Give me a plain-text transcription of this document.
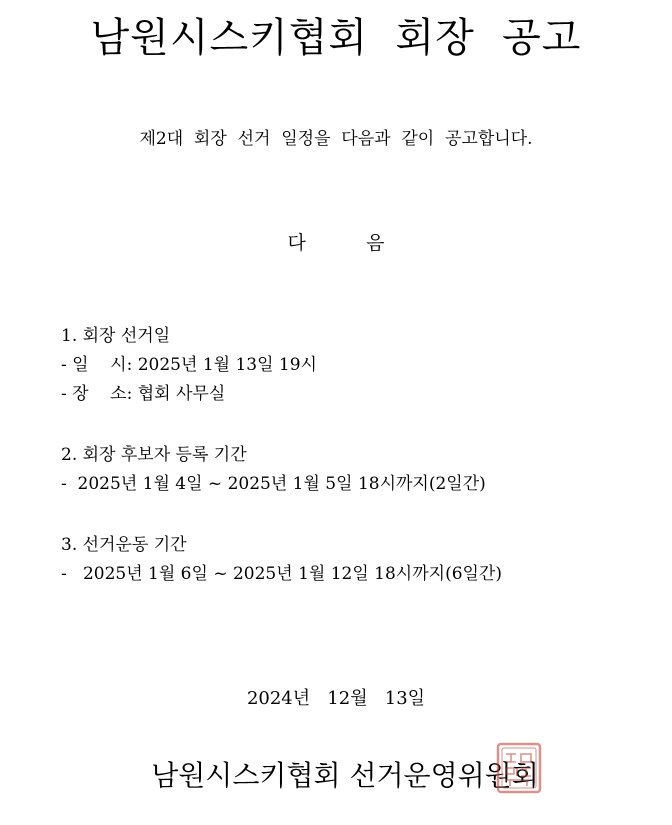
남원시스키협회  회장  공고
제2대  회장  선거  일정을  다음과  같이  공고합니다.
다          음
1. 회장 선거일
- 일    시: 2025년 1월 13일 19시
- 장    소: 협회 사무실
2. 회장 후보자 등록 기간
-  2025년 1월 4일 ~ 2025년 1월 5일 18시까지(2일간)
3. 선거운동 기간
-   2025년 1월 6일 ~ 2025년 1월 12일 18시까지(6일간)
2024년   12월   13일
남원시스키협회 선거운영위원회
